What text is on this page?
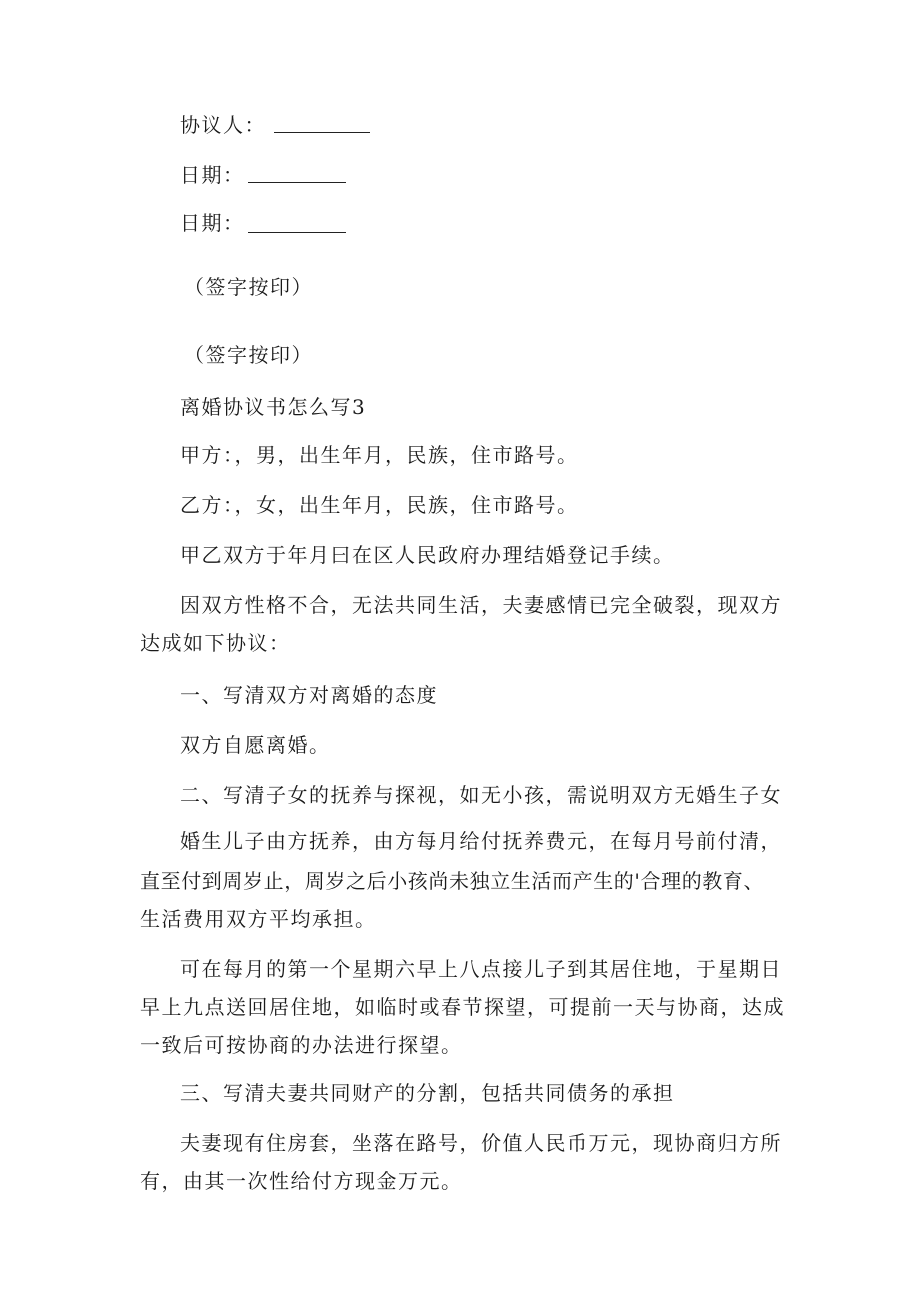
协议人：
日期：
日期：
（签字按印）
（签字按印）
离婚协议书怎么写3
甲方：，男，出生年月，民族，住市路号。
乙方：，女，出生年月，民族，住市路号。
甲乙双方于年月曰在区人民政府办理结婚登记手续。
因双方性格不合，无法共同生活，夫妻感情已完全破裂，现双方
达成如下协议：
一、写清双方对离婚的态度
双方自愿离婚。
二、写清子女的抚养与探视，如无小孩，需说明双方无婚生子女
婚生儿子由方抚养，由方每月给付抚养费元，在每月号前付清，
直至付到周岁止，周岁之后小孩尚未独立生活而产生的'合理的教育、
生活费用双方平均承担。
可在每月的第一个星期六早上八点接儿子到其居住地，于星期日
早上九点送回居住地，如临时或春节探望，可提前一天与协商，达成
一致后可按协商的办法进行探望。
三、写清夫妻共同财产的分割，包括共同债务的承担
夫妻现有住房套，坐落在路号，价值人民币万元，现协商归方所
有，由其一次性给付方现金万元。
